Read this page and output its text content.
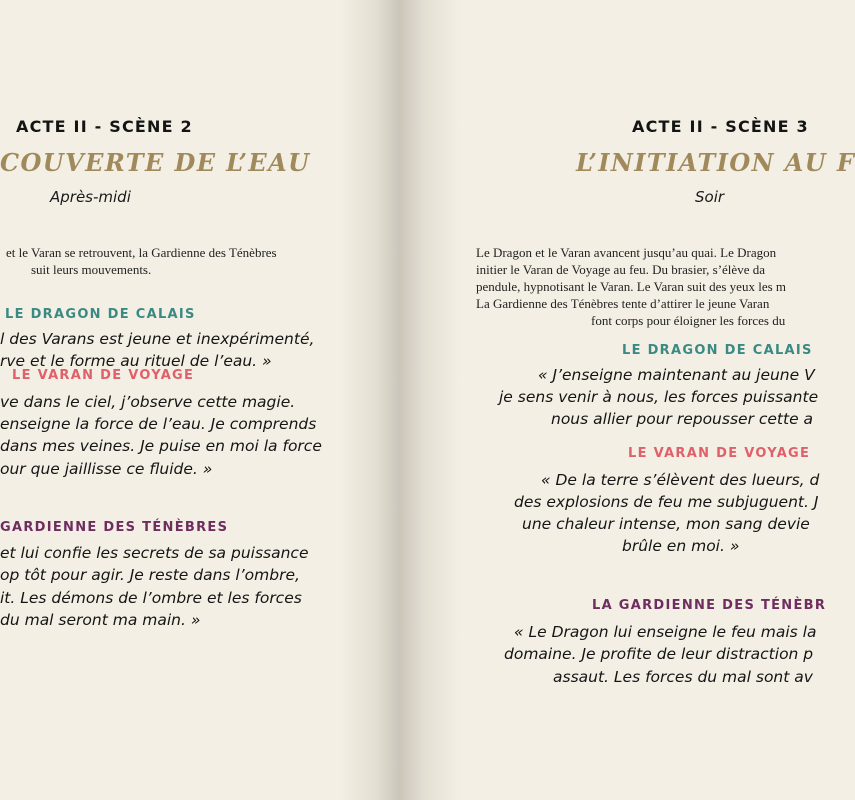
ACTE II - SCÈNE 2

COUVERTE DE L’EAU

Après-midi

et le Varan se retrouvent, la Gardienne des Ténèbres

suit leurs mouvements.

LE DRAGON DE CALAIS

l des Varans est jeune et inexpérimenté,

rve et le forme au rituel de l’eau. »

LE VARAN DE VOYAGE

ve dans le ciel, j’observe cette magie.

enseigne la force de l’eau. Je comprends

dans mes veines. Je puise en moi la force

our que jaillisse ce fluide. »

GARDIENNE DES TÉNÈBRES

et lui confie les secrets de sa puissance

op tôt pour agir. Je reste dans l’ombre,

it. Les démons de l’ombre et les forces

du mal seront ma main. »

ACTE II - SCÈNE 3

L’INITIATION AU F

Soir

Le Dragon et le Varan avancent jusqu’au quai. Le Dragon

initier le Varan de Voyage au feu. Du brasier, s’élève da

pendule, hypnotisant le Varan. Le Varan suit des yeux les m

La Gardienne des Ténèbres tente d’attirer le jeune Varan

font corps pour éloigner les forces du

LE DRAGON DE CALAIS

« J’enseigne maintenant au jeune V

je sens venir à nous, les forces puissante

nous allier pour repousser cette a

LE VARAN DE VOYAGE

« De la terre s’élèvent des lueurs, d

des explosions de feu me subjuguent. J

une chaleur intense, mon sang devie

brûle en moi. »

LA GARDIENNE DES TÉNÈBR

« Le Dragon lui enseigne le feu mais la

domaine. Je profite de leur distraction p

assaut. Les forces du mal sont av
